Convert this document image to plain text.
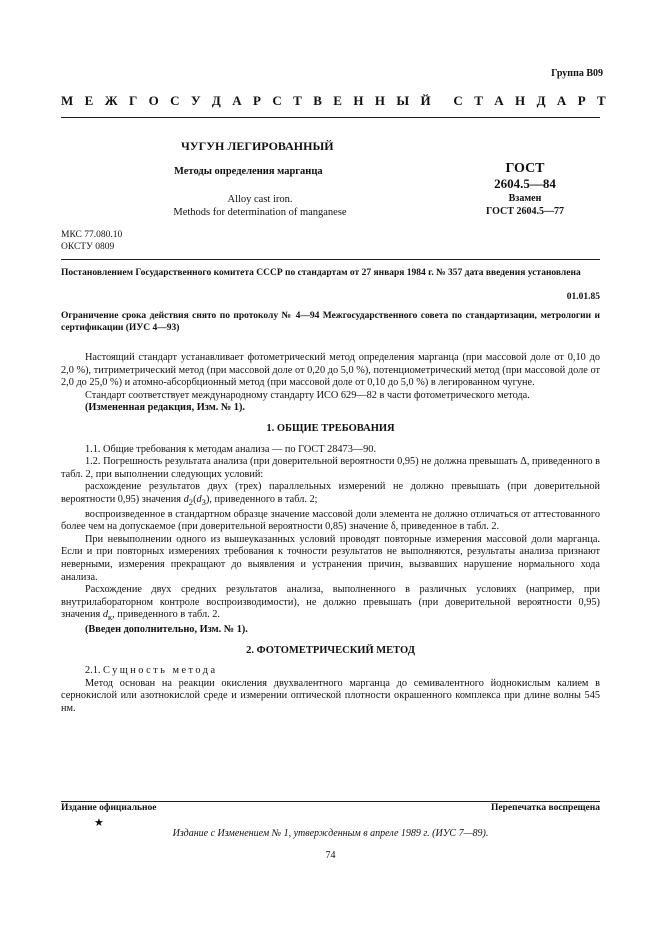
Группа В09
М Е Ж Г О С У Д А Р С Т В Е Н Н Ы Й С Т А Н Д А Р Т
ЧУГУН ЛЕГИРОВАННЫЙ
Методы определения марганца
Alloy cast iron.
Methods for determination of manganese
ГОСТ
2604.5—84
Взамен
ГОСТ 2604.5—77
МКС 77.080.10
ОКСТУ 0809
Постановлением Государственного комитета СССР по стандартам от 27 января 1984 г. № 357 дата введения установлена
01.01.85
Ограничение срока действия снято по протоколу № 4—94 Межгосударственного совета по стандартизации, метрологии и сертификации (ИУС 4—93)

Настоящий стандарт устанавливает фотометрический метод определения марганца (при массовой доле от 0,10 до 2,0 %), титриметрический метод (при массовой доле от 0,20 до 5,0 %), потенциометрический метод (при массовой доле от 2,0 до 25,0 %) и атомно-абсорбционный метод (при массовой доле от 0,10 до 5,0 %) в легированном чугуне.

Стандарт соответствует международному стандарту ИСО 629—82 в части фотометрического метода.

(Измененная редакция, Изм. № 1).

1. ОБЩИЕ ТРЕБОВАНИЯ

1.1. Общие требования к методам анализа — по ГОСТ 28473—90.

1.2. Погрешность результата анализа (при доверительной вероятности 0,95) не должна превышать Δ, приведенного в табл. 2, при выполнении следующих условий:

расхождение результатов двух (трех) параллельных измерений не должно превышать (при доверительной вероятности 0,95) значения $d_2(d_3)$, приведенного в табл. 2;

воспроизведенное в стандартном образце значение массовой доли элемента не должно отличаться от аттестованного более чем на допускаемое (при доверительной вероятности 0,85) значение δ, приведенное в табл. 2.

При невыполнении одного из вышеуказанных условий проводят повторные измерения массовой доли марганца. Если и при повторных измерениях требования к точности результатов не выполняются, результаты анализа признают неверными, измерения прекращают до выявления и устранения причин, вызвавших нарушение нормального хода анализа.

Расхождение двух средних результатов анализа, выполненного в различных условиях (например, при внутрилабораторном контроле воспроизводимости), не должно превышать (при доверительной вероятности 0,95) значения $d_к$, приведенного в табл. 2.

(Введен дополнительно, Изм. № 1).

2. ФОТОМЕТРИЧЕСКИЙ МЕТОД

2.1. Сущность метода

Метод основан на реакции окисления двухвалентного марганца до семивалентного йоднокислым калием в сернокислой или азотнокислой среде и измерении оптической плотности окрашенного комплекса при длине волны 545 нм.

Издание официальное	Перепечатка воспрещена
★
Издание с Изменением № 1, утвержденным в апреле 1989 г. (ИУС 7—89).
74
